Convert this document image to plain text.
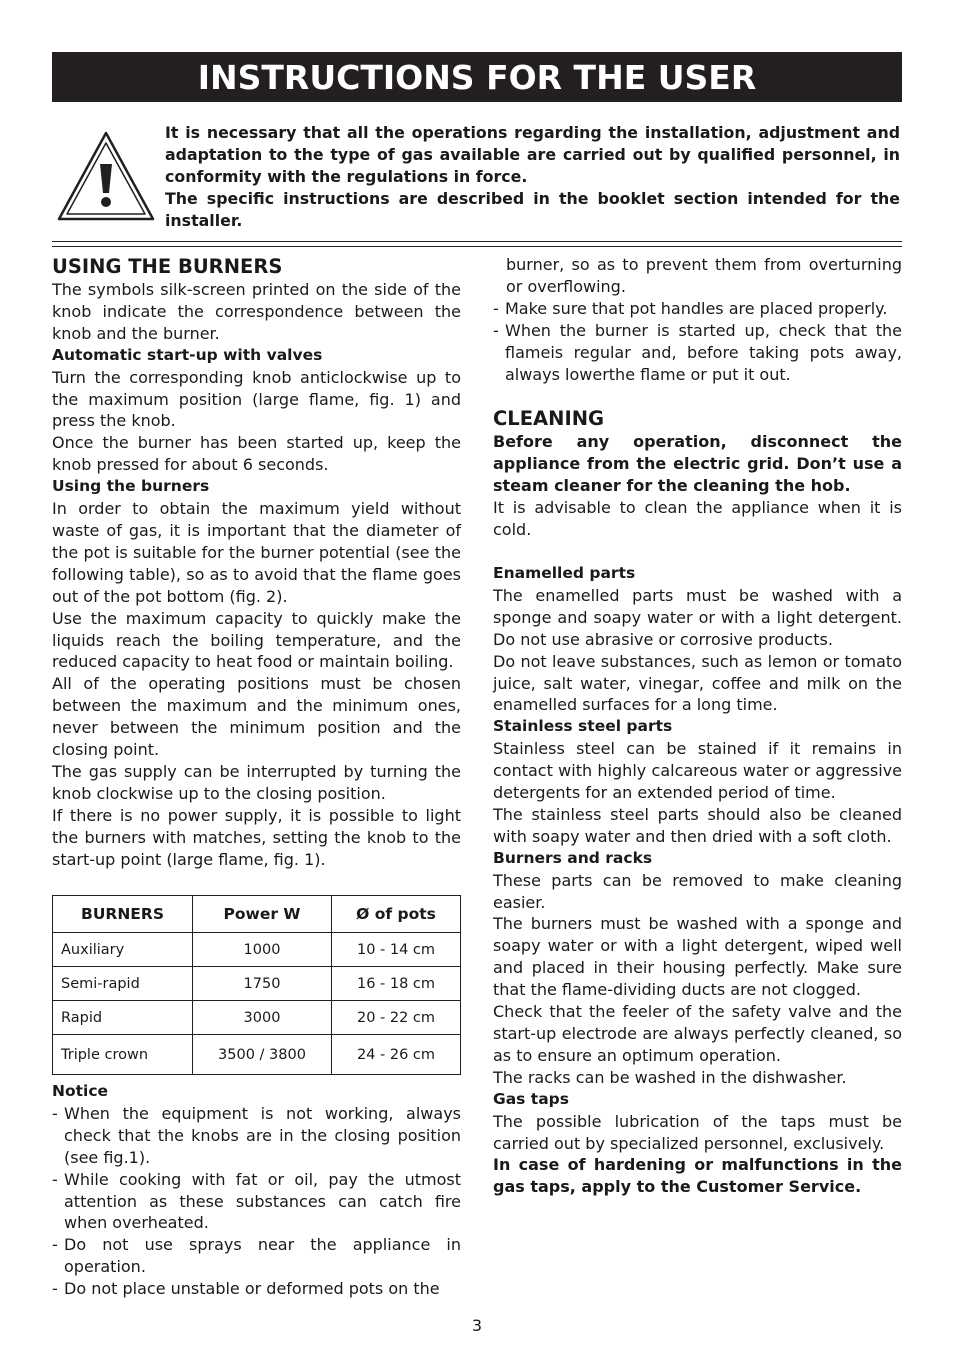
INSTRUCTIONS FOR THE USER

It is necessary that all the operations regarding the installation, adjustment and adaptation to the type of gas available are carried out by qualified personnel, in conformity with the regulations in force.

The specific instructions are described in the booklet section intended for the installer.

USING THE BURNERS

The symbols silk-screen printed on the side of the knob indicate the correspondence between the knob and the burner.

Automatic start-up with valves

Turn the corresponding knob anticlockwise up to the maximum position (large flame, fig. 1) and press the knob.

Once the burner has been started up, keep the knob pressed for about 6 seconds.

Using the burners

In order to obtain the maximum yield without waste of gas, it is important that the diameter of the pot is suitable for the burner potential (see the following table), so as to avoid that the flame goes out of the pot bottom (fig. 2).

Use the maximum capacity to quickly make the liquids reach the boiling temperature, and the reduced capacity to heat food or maintain boiling.

All of the operating positions must be chosen between the maximum and the minimum ones, never between the minimum position and the closing point.

The gas supply can be interrupted by turning the knob clockwise up to the closing position.

If there is no power supply, it is possible to light the burners with matches, setting the knob to the start-up point (large flame, fig. 1).

BURNERS	Power W	Ø of pots
Auxiliary	1000	10 - 14 cm
Semi-rapid	1750	16 - 18 cm
Rapid	3000	20 - 22 cm
Triple crown	3500 / 3800	24 - 26 cm

Notice

- When the equipment is not working, always check that the knobs are in the closing position (see fig.1).
- While cooking with fat or oil, pay the utmost attention as these substances can catch fire when overheated.
- Do not use sprays near the appliance in operation.
- Do not place unstable or deformed pots on the

burner, so as to prevent them from overturning or overflowing.

- Make sure that pot handles are placed properly.
- When the burner is started up, check that the flameis regular and, before taking pots away, always lowerthe flame or put it out.
CLEANING

Before any operation, disconnect the appliance from the electric grid. Don’t use a steam cleaner for the cleaning the hob.

It is advisable to clean the appliance when it is cold.

Enamelled parts

The enamelled parts must be washed with a sponge and soapy water or with a light detergent. Do not use abrasive or corrosive products.

Do not leave substances, such as lemon or tomato juice, salt water, vinegar, coffee and milk on the enamelled surfaces for a long time.

Stainless steel parts

Stainless steel can be stained if it remains in contact with highly calcareous water or aggressive detergents for an extended period of time.

The stainless steel parts should also be cleaned with soapy water and then dried with a soft cloth.

Burners and racks

These parts can be removed to make cleaning easier.

The burners must be washed with a sponge and soapy water or with a light detergent, wiped well and placed in their housing perfectly. Make sure that the flame-dividing ducts are not clogged.

Check that the feeler of the safety valve and the start-up electrode are always perfectly cleaned, so as to ensure an optimum operation.

The racks can be washed in the dishwasher.

Gas taps

The possible lubrication of the taps must be carried out by specialized personnel, exclusively.

In case of hardening or malfunctions in the gas taps, apply to the Customer Service.

3
